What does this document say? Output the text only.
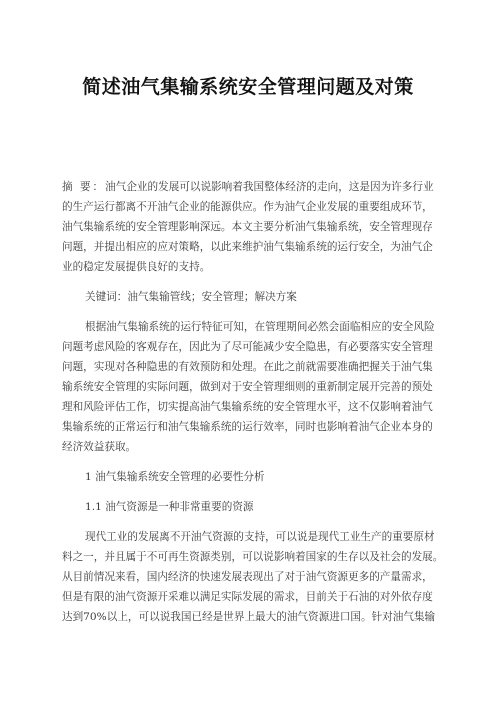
简述油气集输系统安全管理问题及对策
摘 要：油气企业的发展可以说影响着我国整体经济的走向，这是因为许多行业
的生产运行都离不开油气企业的能源供应。作为油气企业发展的重要组成环节，
油气集输系统的安全管理影响深远。本文主要分析油气集输系统，安全管理现存
问题，并提出相应的应对策略，以此来维护油气集输系统的运行安全，为油气企
业的稳定发展提供良好的支持。
关键词：油气集输管线；安全管理；解决方案
根据油气集输系统的运行特征可知，在管理期间必然会面临相应的安全风险
问题考虑风险的客观存在，因此为了尽可能减少安全隐患，有必要落实安全管理
问题，实现对各种隐患的有效预防和处理。在此之前就需要准确把握关于油气集
输系统安全管理的实际问题，做到对于安全管理细则的重新制定展开完善的预处
理和风险评估工作，切实提高油气集输系统的安全管理水平，这不仅影响着油气
集输系统的正常运行和油气集输系统的运行效率，同时也影响着油气企业本身的
经济效益获取。
1 油气集输系统安全管理的必要性分析
1.1 油气资源是一种非常重要的资源
现代工业的发展离不开油气资源的支持，可以说是现代工业生产的重要原材
料之一，并且属于不可再生资源类别，可以说影响着国家的生存以及社会的发展。
从目前情况来看，国内经济的快速发展表现出了对于油气资源更多的产量需求，
但是有限的油气资源开采难以满足实际发展的需求，目前关于石油的对外依存度
达到70%以上，可以说我国已经是世界上最大的油气资源进口国。针对油气集输
